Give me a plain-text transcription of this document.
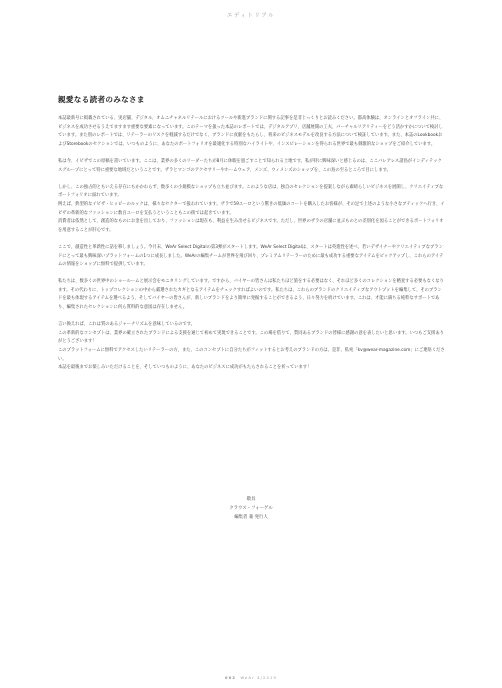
エディトリアル
親愛なる読者のみなさま

本誌最新号に掲載されている、実店舗、デジタル、オムニチャネルリテールにおけるツールや新進ブランドに関する記事を是非じっくりとお読みください。都高体験は、オンラインとオフライン共に、ビジネスを成功させるうえでますます重要な要素になっています。このテーマを扱った本誌のレポートでは、デジタルアプリ、店舗展開の工夫、バーチャルリアリティーをどう活かすかについて検討しています。また別のレポートでは、リテーラーのリスクを軽減するだけでなく、ブランドに貢献をもたらし、将来のビジネスモデルを改良する方法について検証しています。また、本誌のLookbookおよびStorebookのセクションでは、いつものように、あなたのポートフォリオを最適化する特別なハイライトや、インスピレーションを得られる世界で最も刺激的なショップをご紹介しています。

私は今、イビザでこの原稿を書いています。ここは、業界の多くのリーダーたちが8月に休暇を過ごすことで知られる土地です。私が特に興味深いと感じるのは、ここバレアレス諸島がインディテックスグループにとって特に重要な地域だということです。ザラとマンゴのアクセサリーやホームウェア、メンズ、ウィメンズのショップを、この島の至るところで目にします。

しかし、この独占的ともいえる存在にもかかわらず、数多くの小規模なショップも立ち並びます。このような店は、独自のセレクションを提案しながら素晴らしいビジネスを展開し、クリエイティブなポートフォリオに溢れています。
例えば、典型的なイビザ・ヒッピーのルックは、様々なセクターで扱われています。ザラで59ユーロという驚きの低価のコートを購入したお客様が、その足で上述のような小さなブティックへ行き、イビザの革新的なファッションに数百ユーロを支払うということもこの街では起きています。

消費者は依然として、創造的なものにお金を出しており、ファッションは現在も、利益を生み出せるビジネスです。ただし、世界のザラの店舗に並ぶものとの差別化を図ることができるポートフォリオを用意することが肝心です。

ここで、創造性と革新性に話を移しましょう。今月末、WeAr Select Digitalの第3弾がスタートします。WeAr Select Digitalは、スタートは英進性を述べ、若いデザイナーやクリエイティブなブランドにとって最も興味深いプラットフォームの1つに成長しました。WeArの編集チームが世界を飛び回り、プレミアムリテーラーのために最も成功する重要なアイテムをピックアップし、これらのアイテムの情報をショップに無料で提供しています。

私たちは、数多くの世界中のショールームと展示会をモニタリングしています。ですから、バイヤーの皆さんは私たちほど旅をする必要はなく、それほど多くのコレクションを精査する必要もなくなります。その代わりに、トップコレクションの中から厳選されたカギとなるアイテムをチェックすればよいのです。私たちは、これらのブランドのクリエイティブなアウトプットを編集して、そのブランドを最も体現するアイテムを選べるよう、そしてバイヤーの皆さんが、新しいブランドをより簡単に発掘することができるよう、日々努力を続けています。これは、才能に満ちる純粋なサポートであり、編集されたセレクションに何ら質料的な意図は存在しません。

言い換えれば、これは質のあるジャーナリズムを意味しているのです。
この革新的なコンセプトは、業界の確立されたブランドによる支援を通じて初めて実現できることです。この場を借りて、賛同あるブランドの皆様に感謝の意を表したいと思います。いつもご支援ありがとうございます！
このプラットフォームに無料でアクセスしたいリテーラーの方、また、このコンセプトに自分たちがフィットするとお考えのブランドの方は、是非、私宛「kv@wear-magazine.com」にご連絡ください。
本誌を最後までお楽しみいただけることを、そしていつものように、あなたのビジネスに成功がもたらされることを祈っています！

敬具
クラウス・フォーゲル
編集者 兼 発行人
002 WeAr 4/2019
